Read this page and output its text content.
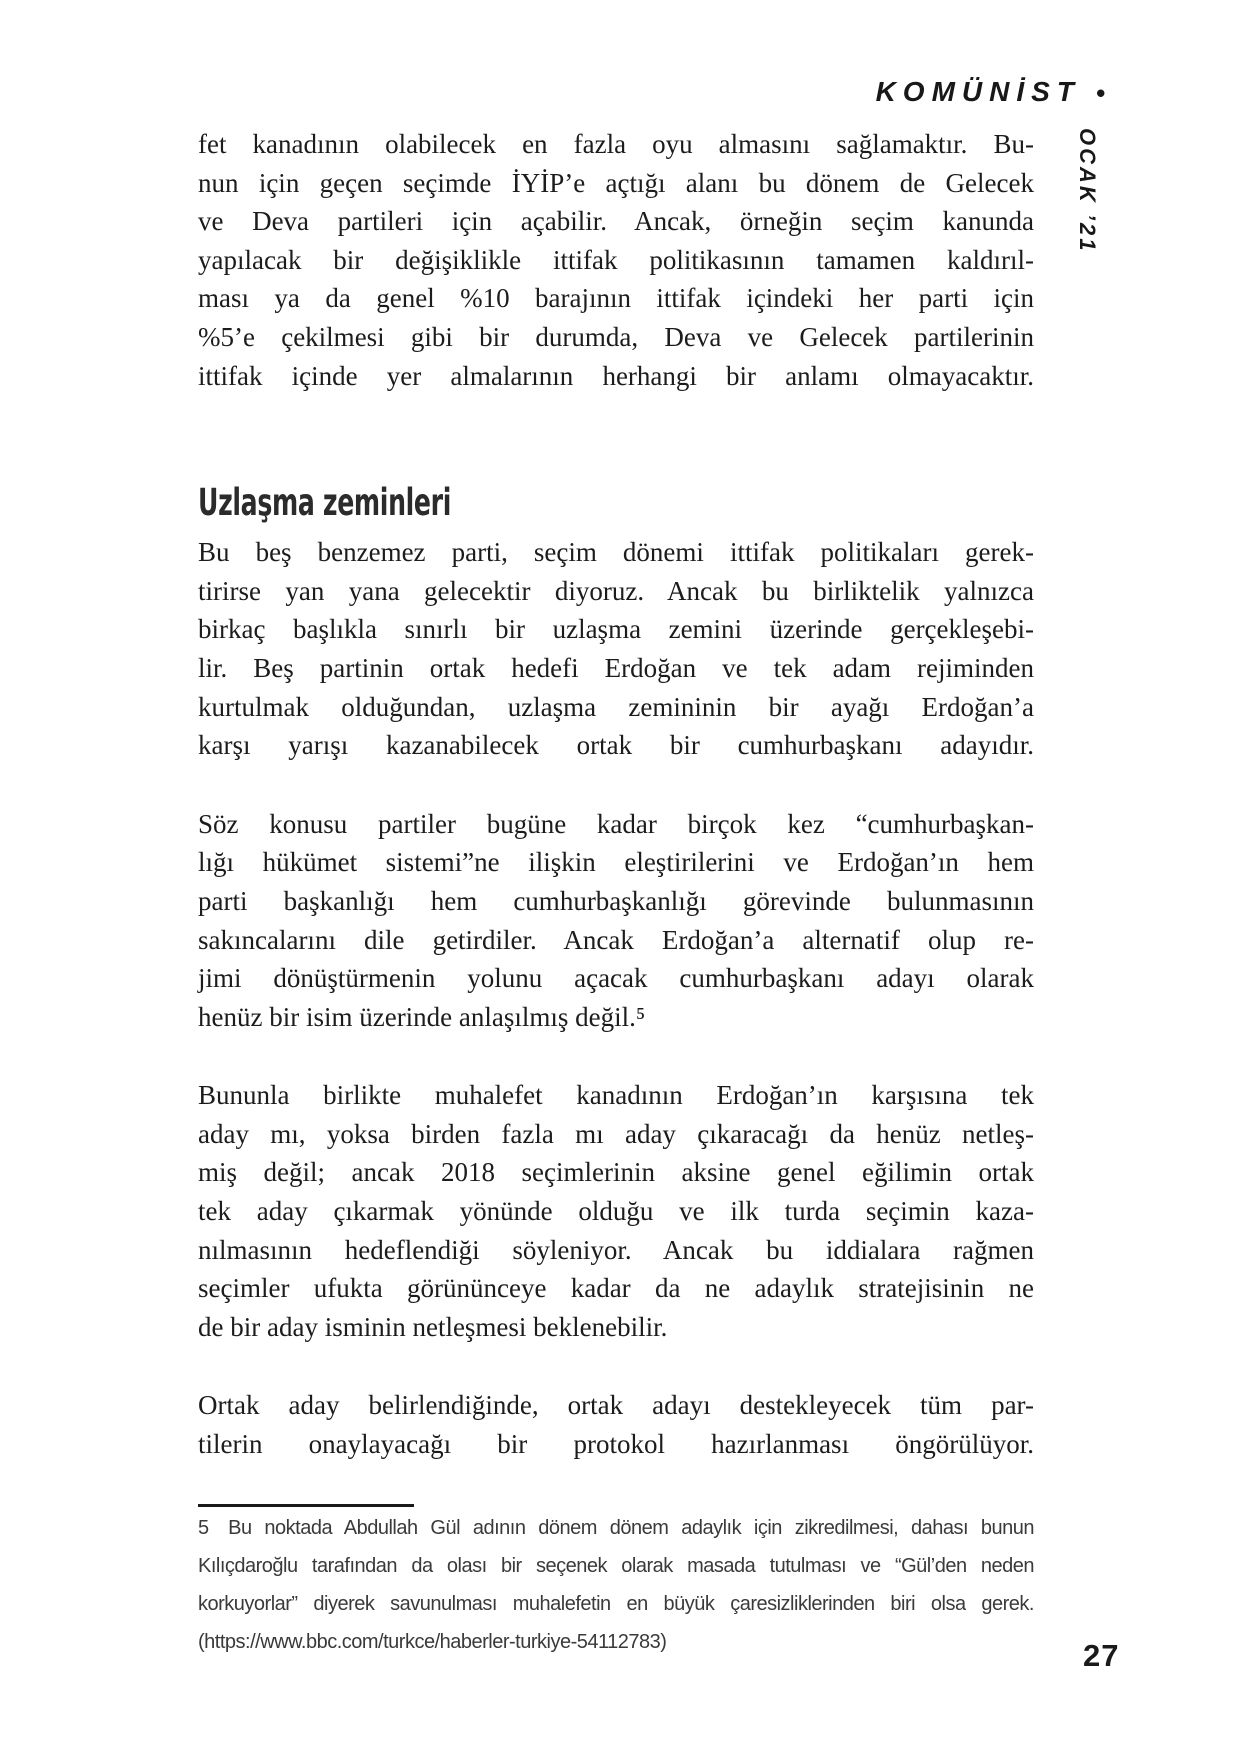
KOMÜNİST •
OCAK ’21
fet kanadının olabilecek en fazla oyu almasını sağlamaktır. Bu-
nun için geçen seçimde İYİP’e açtığı alanı bu dönem de Gelecek
ve Deva partileri için açabilir. Ancak, örneğin seçim kanunda
yapılacak bir değişiklikle ittifak politikasının tamamen kaldırıl-
ması ya da genel %10 barajının ittifak içindeki her parti için
%5’e çekilmesi gibi bir durumda, Deva ve Gelecek partilerinin
ittifak içinde yer almalarının herhangi bir anlamı olmayacaktır.
Uzlaşma zeminleri
Bu beş benzemez parti, seçim dönemi ittifak politikaları gerek-
tirirse yan yana gelecektir diyoruz. Ancak bu birliktelik yalnızca
birkaç başlıkla sınırlı bir uzlaşma zemini üzerinde gerçekleşebi-
lir. Beş partinin ortak hedefi Erdoğan ve tek adam rejiminden
kurtulmak olduğundan, uzlaşma zemininin bir ayağı Erdoğan’a
karşı yarışı kazanabilecek ortak bir cumhurbaşkanı adayıdır.
Söz konusu partiler bugüne kadar birçok kez “cumhurbaşkan-
lığı hükümet sistemi”ne ilişkin eleştirilerini ve Erdoğan’ın hem
parti başkanlığı hem cumhurbaşkanlığı görevinde bulunmasının
sakıncalarını dile getirdiler. Ancak Erdoğan’a alternatif olup re-
jimi dönüştürmenin yolunu açacak cumhurbaşkanı adayı olarak
henüz bir isim üzerinde anlaşılmış değil.⁵
Bununla birlikte muhalefet kanadının Erdoğan’ın karşısına tek
aday mı, yoksa birden fazla mı aday çıkaracağı da henüz netleş-
miş değil; ancak 2018 seçimlerinin aksine genel eğilimin ortak
tek aday çıkarmak yönünde olduğu ve ilk turda seçimin kaza-
nılmasının hedeflendiği söyleniyor. Ancak bu iddialara rağmen
seçimler ufukta görününceye kadar da ne adaylık stratejisinin ne
de bir aday isminin netleşmesi beklenebilir.
Ortak aday belirlendiğinde, ortak adayı destekleyecek tüm par-
tilerin onaylayacağı bir protokol hazırlanması öngörülüyor.
5 Bu noktada Abdullah Gül adının dönem dönem adaylık için zikredilmesi, dahası bunun
Kılıçdaroğlu tarafından da olası bir seçenek olarak masada tutulması ve “Gül’den neden
korkuyorlar” diyerek savunulması muhalefetin en büyük çaresizliklerinden biri olsa gerek.
(https://www.bbc.com/turkce/haberler-turkiye-54112783)	27
